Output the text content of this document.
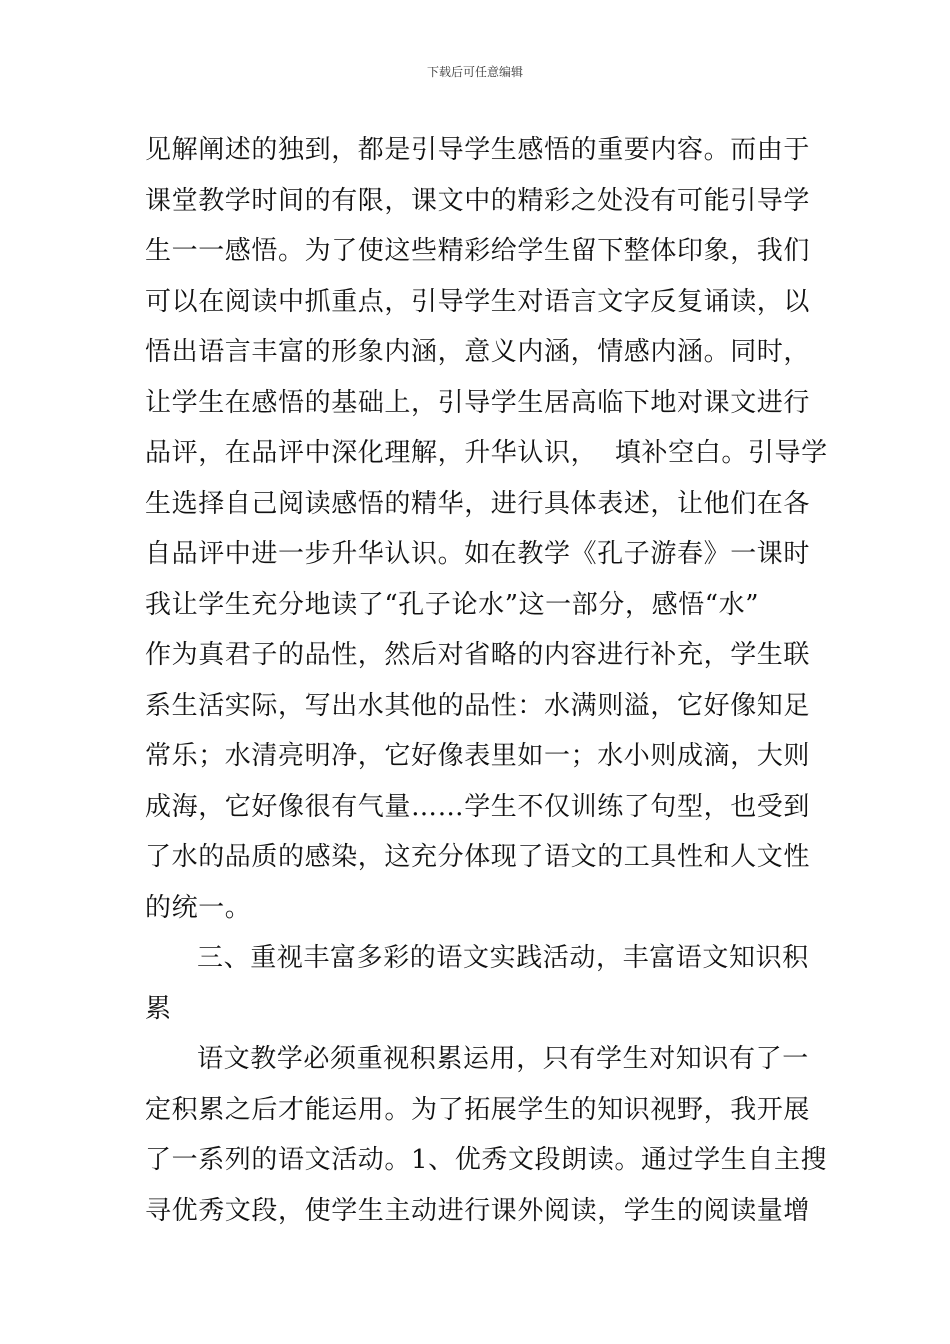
下载后可任意编辑
见解阐述的独到，都是引导学生感悟的重要内容。而由于
课堂教学时间的有限，课文中的精彩之处没有可能引导学
生一一感悟。为了使这些精彩给学生留下整体印象，我们
可以在阅读中抓重点，引导学生对语言文字反复诵读，以
悟出语言丰富的形象内涵，意义内涵，情感内涵。同时，
让学生在感悟的基础上，引导学生居高临下地对课文进行
品评，在品评中深化理解，升华认识，  填补空白。引导学
生选择自己阅读感悟的精华，进行具体表述，让他们在各
自品评中进一步升华认识。如在教学《孔子游春》一课时
我让学生充分地读了“孔子论水”这一部分，感悟“水”
作为真君子的品性，然后对省略的内容进行补充，学生联
系生活实际，写出水其他的品性：水满则溢，它好像知足
常乐；水清亮明净，它好像表里如一；水小则成滴，大则
成海，它好像很有气量……学生不仅训练了句型，也受到
了水的品质的感染，这充分体现了语文的工具性和人文性
的统一。
三、重视丰富多彩的语文实践活动，丰富语文知识积
累
语文教学必须重视积累运用，只有学生对知识有了一
定积累之后才能运用。为了拓展学生的知识视野，我开展
了一系列的语文活动。1、优秀文段朗读。通过学生自主搜
寻优秀文段，使学生主动进行课外阅读，学生的阅读量增
